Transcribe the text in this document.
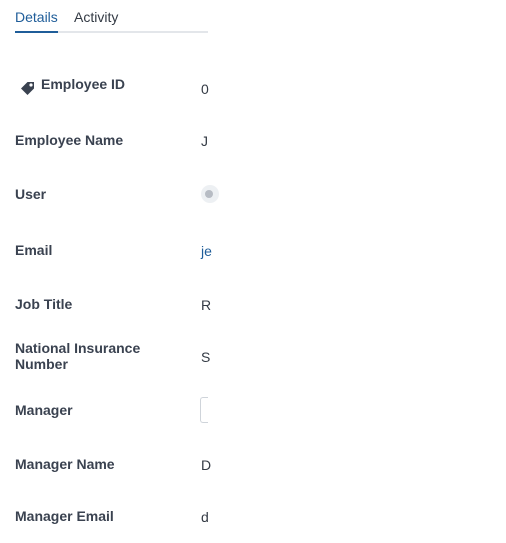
Details Activity
Employee ID	0
Employee Name	J
User
Email	je
Job Title	R
National Insurance Number	S
Manager
Manager Name	D
Manager Email	d
